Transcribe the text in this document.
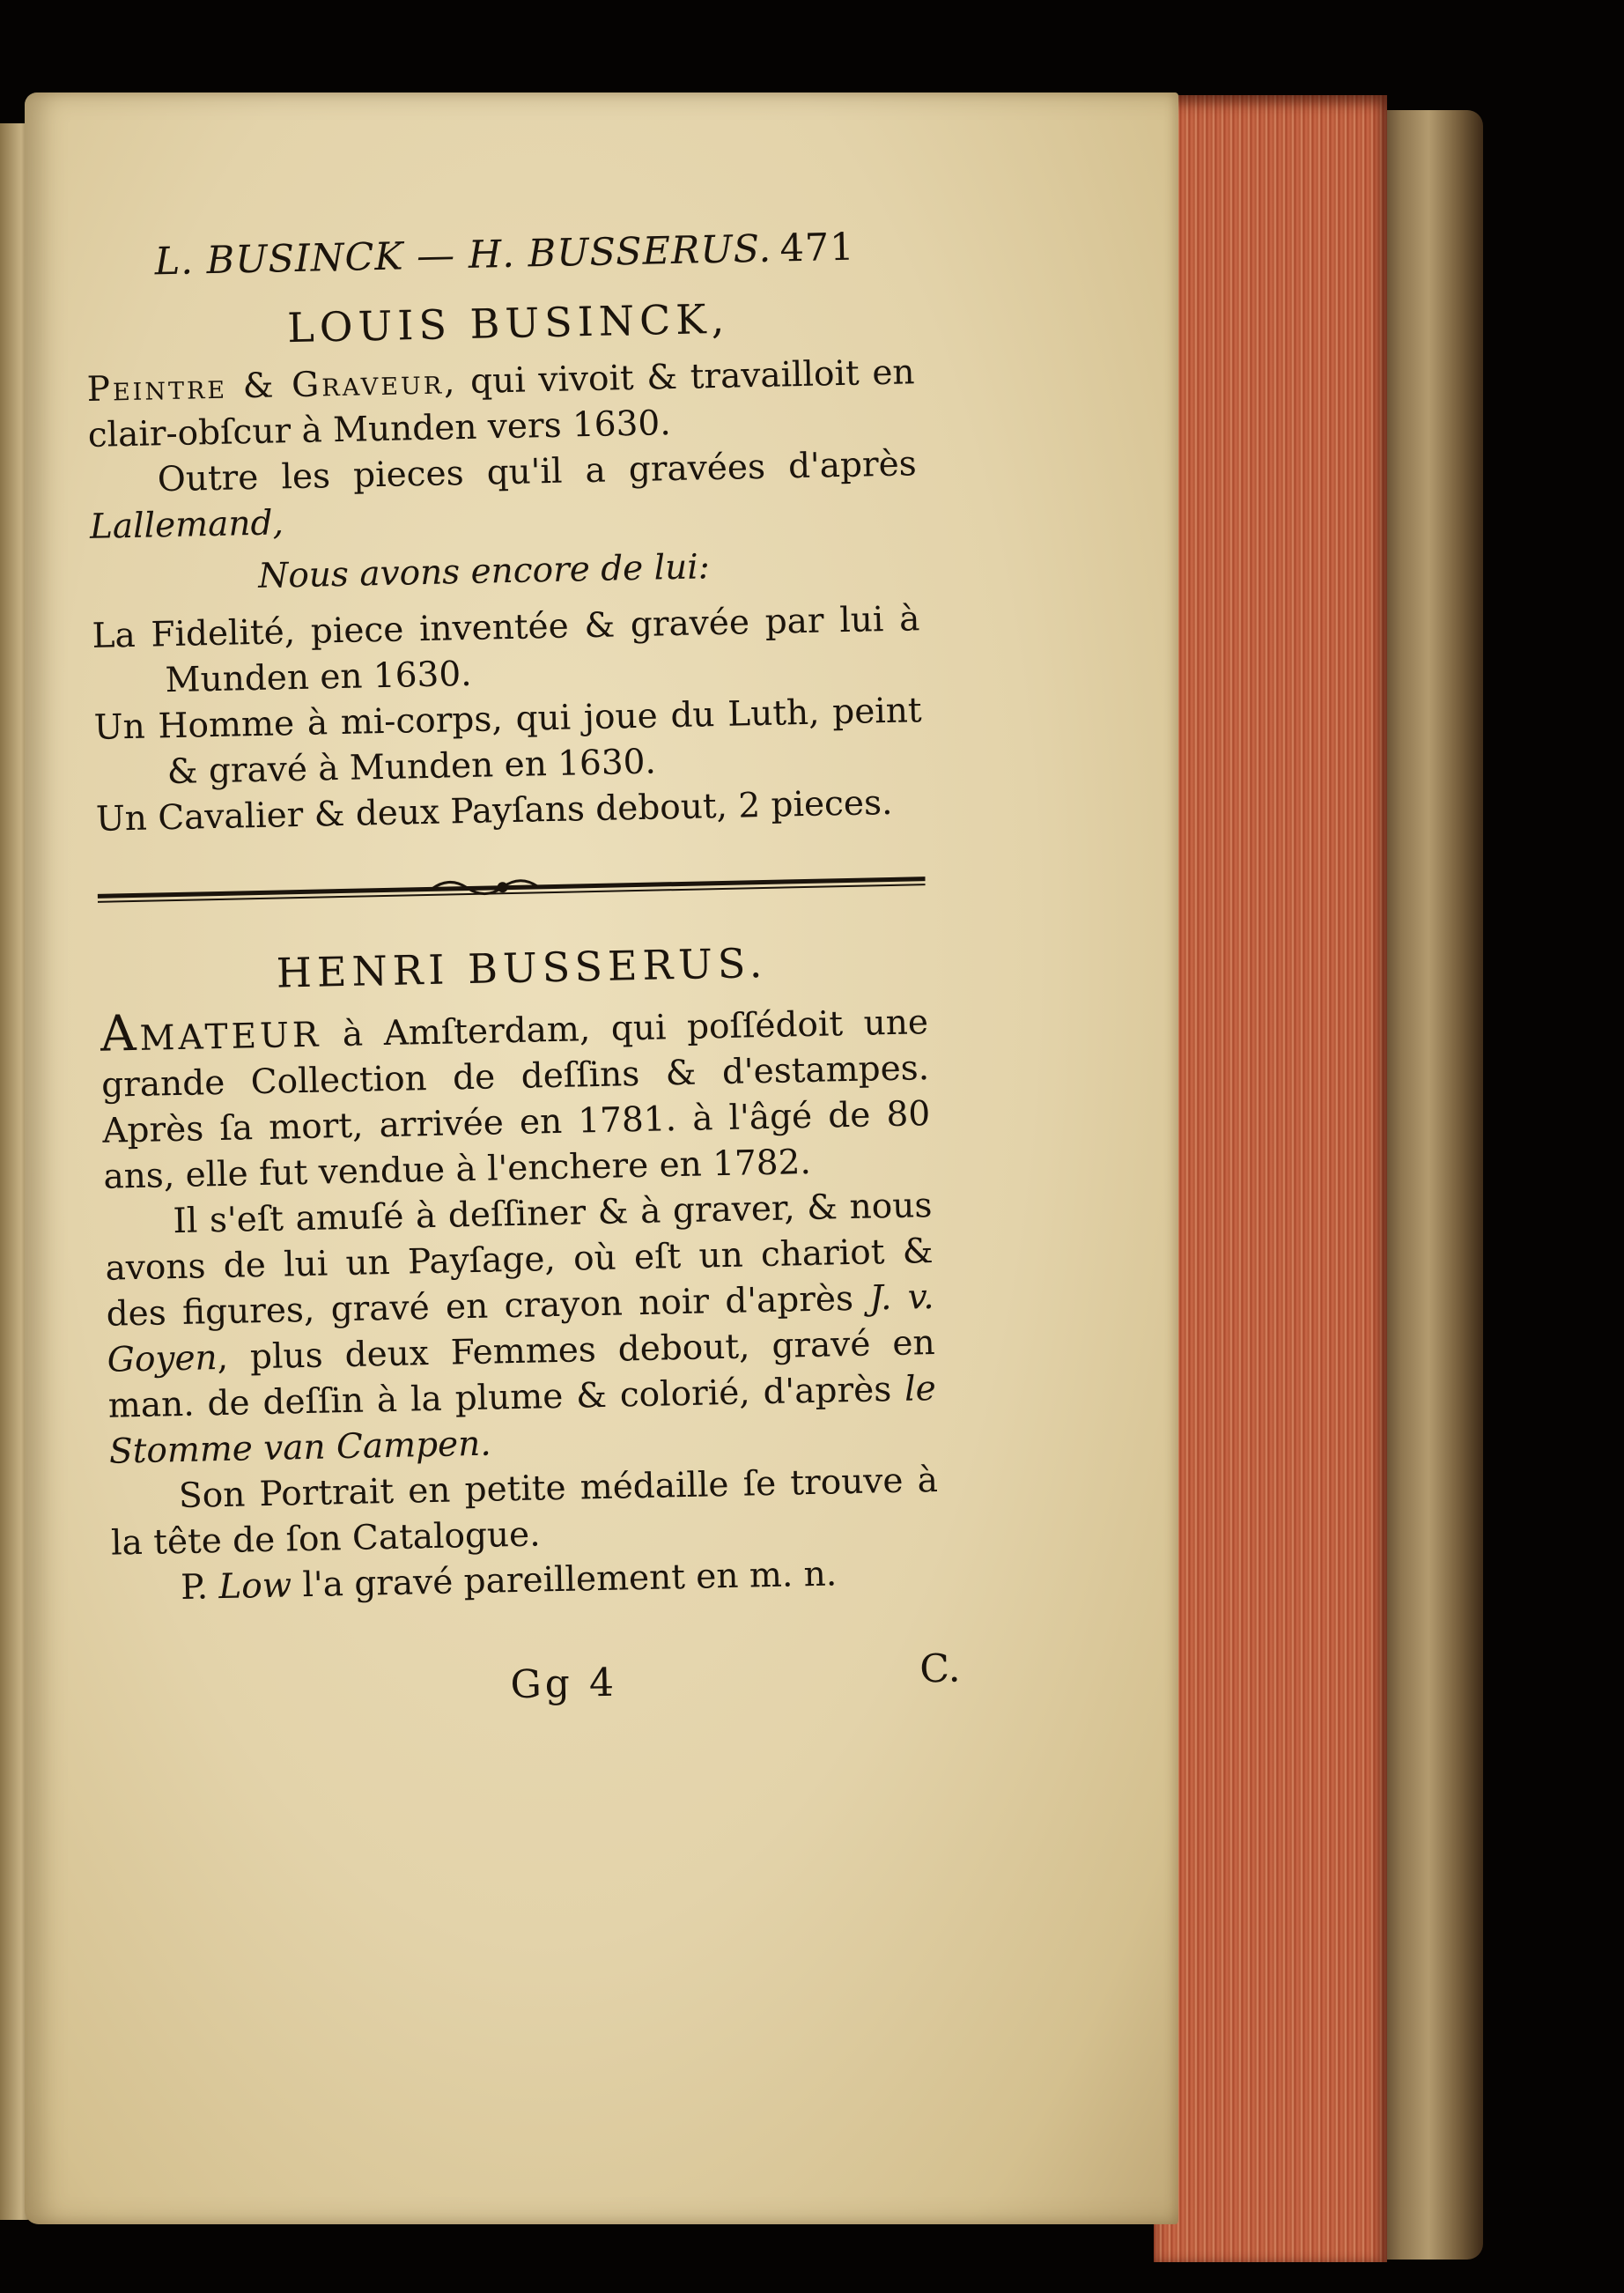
L. BUSINCK — H. BUSSERUS. 471
LOUIS BUSINCK,

Peintre & Graveur, qui vivoit & travailloit en clair-obſcur à Munden vers 1630.

Outre les pieces qu'il a gravées d'après Lallemand,

Nous avons encore de lui:

La Fidelité, piece inventée & gravée par lui à Munden en 1630.

Un Homme à mi-corps, qui joue du Luth, peint & gravé à Munden en 1630.

Un Cavalier & deux Payſans debout, 2 pieces.

HENRI BUSSERUS.

Amateur à Amſterdam, qui poſſédoit une grande Collection de deſſins & d'estampes. Après ſa mort, arrivée en 1781. à l'âgé de 80 ans, elle fut vendue à l'enchere en 1782.

Il s'eſt amuſé à deſſiner & à graver, & nous avons de lui un Payſage, où eſt un chariot & des figures, gravé en crayon noir d'après J. v. Goyen, plus deux Femmes debout, gravé en man. de deſſin à la plume & colorié, d'après le Stomme van Campen.

Son Portrait en petite médaille ſe trouve à la tête de ſon Catalogue.

P. Low l'a gravé pareillement en m. n.

Gg 4	C.
